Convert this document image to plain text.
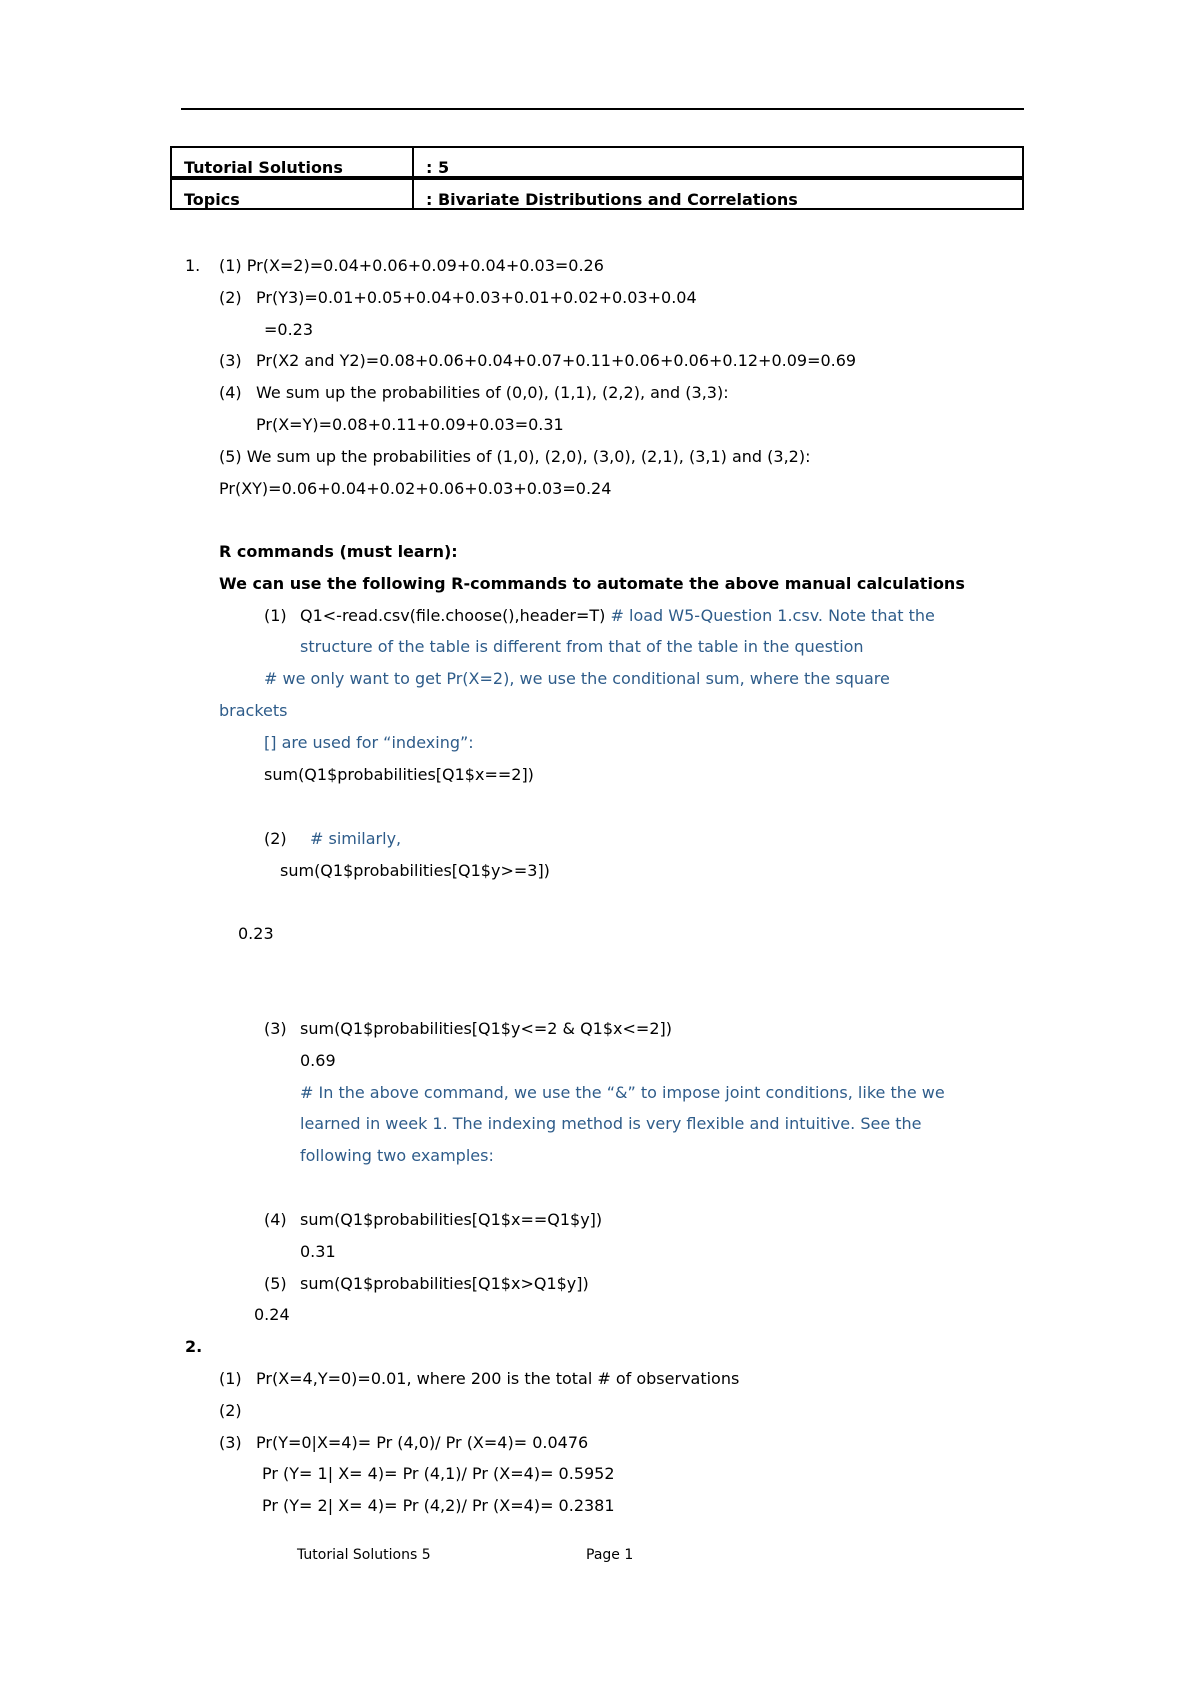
Tutorial Solutions	: 5
Topics	: Bivariate Distributions and Correlations
1. (1) Pr(X=2)=0.04+0.06+0.09+0.04+0.03=0.26
(2) Pr(Y3)=0.01+0.05+0.04+0.03+0.01+0.02+0.03+0.04
=0.23
(3) Pr(X2 and Y2)=0.08+0.06+0.04+0.07+0.11+0.06+0.06+0.12+0.09=0.69
(4) We sum up the probabilities of (0,0), (1,1), (2,2), and (3,3):
Pr(X=Y)=0.08+0.11+0.09+0.03=0.31
(5) We sum up the probabilities of (1,0), (2,0), (3,0), (2,1), (3,1) and (3,2):
Pr(XY)=0.06+0.04+0.02+0.06+0.03+0.03=0.24
R commands (must learn):
We can use the following R-commands to automate the above manual calculations
(1) Q1<-read.csv(file.choose(),header=T) # load W5-Question 1.csv. Note that the
structure of the table is different from that of the table in the question
# we only want to get Pr(X=2), we use the conditional sum, where the square
brackets
[] are used for “indexing”:
sum(Q1$probabilities[Q1$x==2])
(2) # similarly,
sum(Q1$probabilities[Q1$y>=3])
0.23
(3) sum(Q1$probabilities[Q1$y<=2 & Q1$x<=2])
0.69
# In the above command, we use the “&” to impose joint conditions, like the we
learned in week 1. The indexing method is very flexible and intuitive. See the
following two examples:
(4) sum(Q1$probabilities[Q1$x==Q1$y])
0.31
(5) sum(Q1$probabilities[Q1$x>Q1$y])
0.24
2.
(1) Pr(X=4,Y=0)=0.01, where 200 is the total # of observations
(2)
(3) Pr(Y=0|X=4)= Pr (4,0)/ Pr (X=4)= 0.0476
Pr (Y= 1| X= 4)= Pr (4,1)/ Pr (X=4)= 0.5952
Pr (Y= 2| X= 4)= Pr (4,2)/ Pr (X=4)= 0.2381
Tutorial Solutions 5	Page 1
